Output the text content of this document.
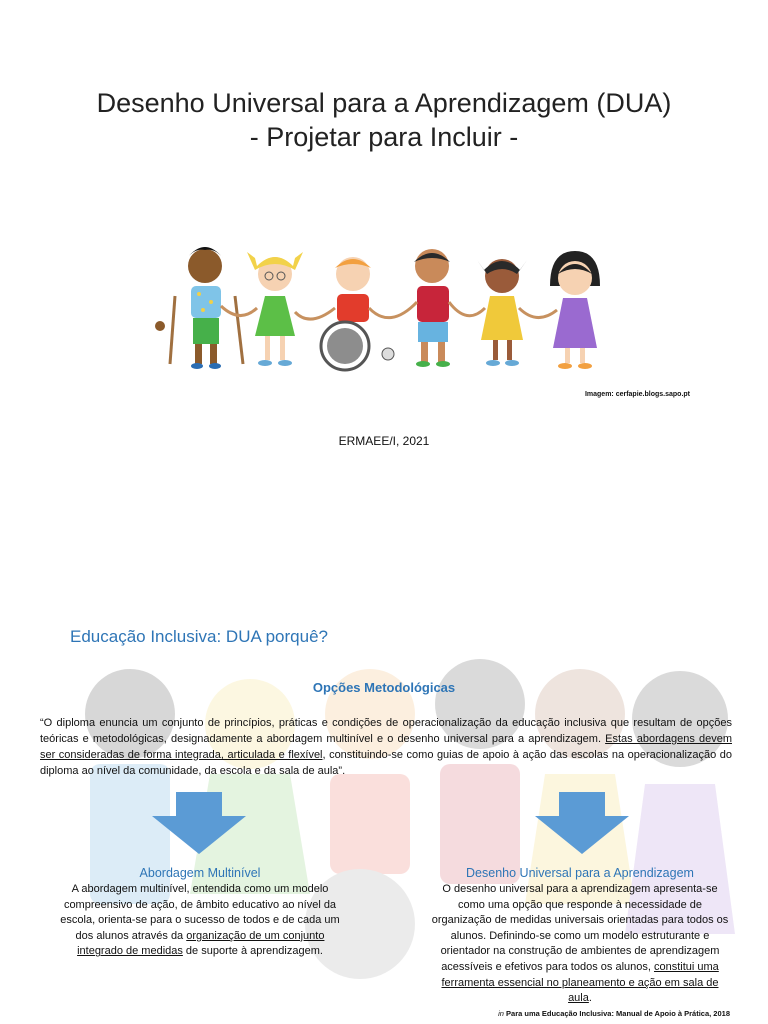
Desenho Universal para a Aprendizagem (DUA)
- Projetar para Incluir -
Imagem: cerfapie.blogs.sapo.pt
ERMAEE/I, 2021
Educação Inclusiva: DUA porquê?
Opções Metodológicas
“O diploma enuncia um conjunto de princípios, práticas e condições de operacionalização da educação inclusiva que resultam de opções teóricas e metodológicas, designadamente a abordagem multinível e o desenho universal para a aprendizagem. Estas abordagens devem ser consideradas de forma integrada, articulada e flexível, constituindo-se como guias de apoio à ação das escolas na operacionalização do diploma ao nível da comunidade, da escola e da sala de aula”.
Abordagem Multinível
A abordagem multinível, entendida como um modelo compreensivo de ação, de âmbito educativo ao nível da escola, orienta-se para o sucesso de todos e de cada um dos alunos através da organização de um conjunto integrado de medidas de suporte à aprendizagem.
Desenho Universal para a Aprendizagem
O desenho universal para a aprendizagem apresenta-se como uma opção que responde à necessidade de organização de medidas universais orientadas para todos os alunos. Definindo-se como um modelo estruturante e orientador na construção de ambientes de aprendizagem acessíveis e efetivos para todos os alunos, constitui uma ferramenta essencial no planeamento e ação em sala de aula.
in Para uma Educação Inclusiva: Manual de Apoio à Prática, 2018
